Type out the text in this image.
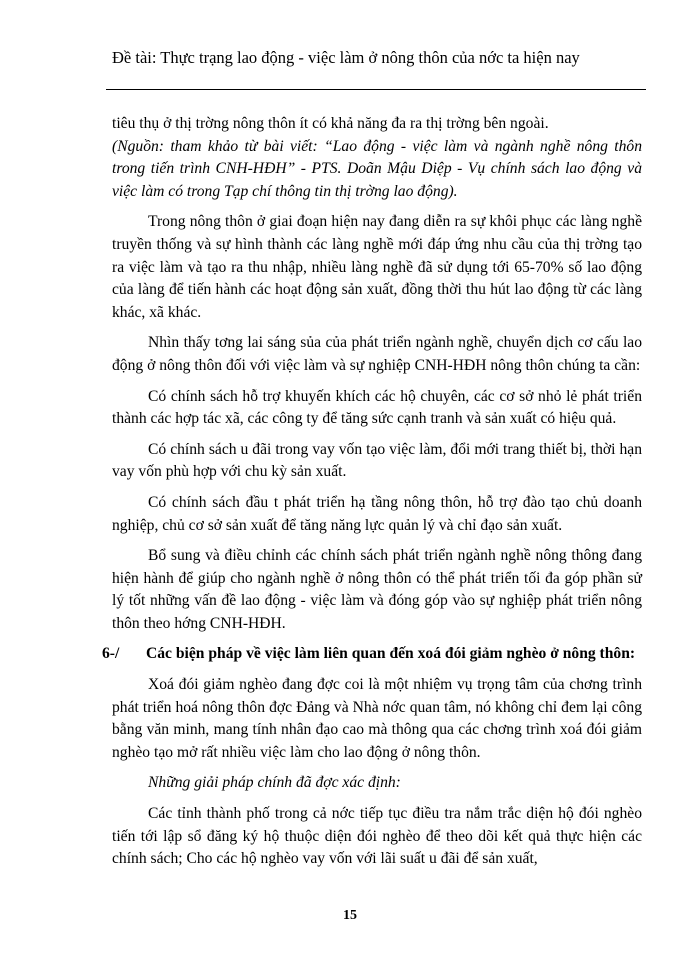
Đề tài: Thực trạng lao động - việc làm ở nông thôn của nớc ta hiện nay

tiêu thụ ở thị trờng nông thôn ít có khả năng đa ra thị trờng bên ngoài.

(Nguồn: tham khảo từ bài viết: “Lao động - việc làm và ngành nghề nông thôn trong tiến trình CNH-HĐH” - PTS. Doãn Mậu Diệp - Vụ chính sách lao động và việc làm có trong Tạp chí thông tin thị trờng lao động).

Trong nông thôn ở giai đoạn hiện nay đang diễn ra sự khôi phục các làng nghề truyền thống và sự hình thành các làng nghề mới đáp ứng nhu cầu của thị trờng tạo ra việc làm và tạo ra thu nhập, nhiều làng nghề đã sử dụng tới 65-70% số lao động của làng để tiến hành các hoạt động sản xuất, đồng thời thu hút lao động từ các làng khác, xã khác.

Nhìn thấy tơng lai sáng sủa của phát triển ngành nghề, chuyển dịch cơ cấu lao động ở nông thôn đối với việc làm và sự nghiệp CNH-HĐH nông thôn chúng ta cần:

Có chính sách hỗ trợ khuyến khích các hộ chuyên, các cơ sở nhỏ lẻ phát triển thành các hợp tác xã, các công ty để tăng sức cạnh tranh và sản xuất có hiệu quả.

Có chính sách u đãi trong vay vốn tạo việc làm, đổi mới trang thiết bị, thời hạn vay vốn phù hợp với chu kỳ sản xuất.

Có chính sách đầu t phát triển hạ tầng nông thôn, hỗ trợ đào tạo chủ doanh nghiệp, chủ cơ sở sản xuất để tăng năng lực quản lý và chỉ đạo sản xuất.

Bổ sung và điều chỉnh các chính sách phát triển ngành nghề nông thông đang hiện hành để giúp cho ngành nghề ở nông thôn có thể phát triển tối đa góp phần sử lý tốt những vấn đề lao động - việc làm và đóng góp vào sự nghiệp phát triển nông thôn theo hớng CNH-HĐH.

6-/	Các biện pháp về việc làm liên quan đến xoá đói giảm nghèo ở nông thôn:

Xoá đói giảm nghèo đang đợc coi là một nhiệm vụ trọng tâm của chơng trình phát triển hoá nông thôn đợc Đảng và Nhà nớc quan tâm, nó không chỉ đem lại công bằng văn minh, mang tính nhân đạo cao mà thông qua các chơng trình xoá đói giảm nghèo tạo mở rất nhiều việc làm cho lao động ở nông thôn.

Những giải pháp chính đã đợc xác định:

Các tỉnh thành phố trong cả nớc tiếp tục điều tra nắm trắc diện hộ đói nghèo tiến tới lập sổ đăng ký hộ thuộc diện đói nghèo để theo dõi kết quả thực hiện các chính sách; Cho các hộ nghèo vay vốn với lãi suất u đãi để sản xuất,

15
